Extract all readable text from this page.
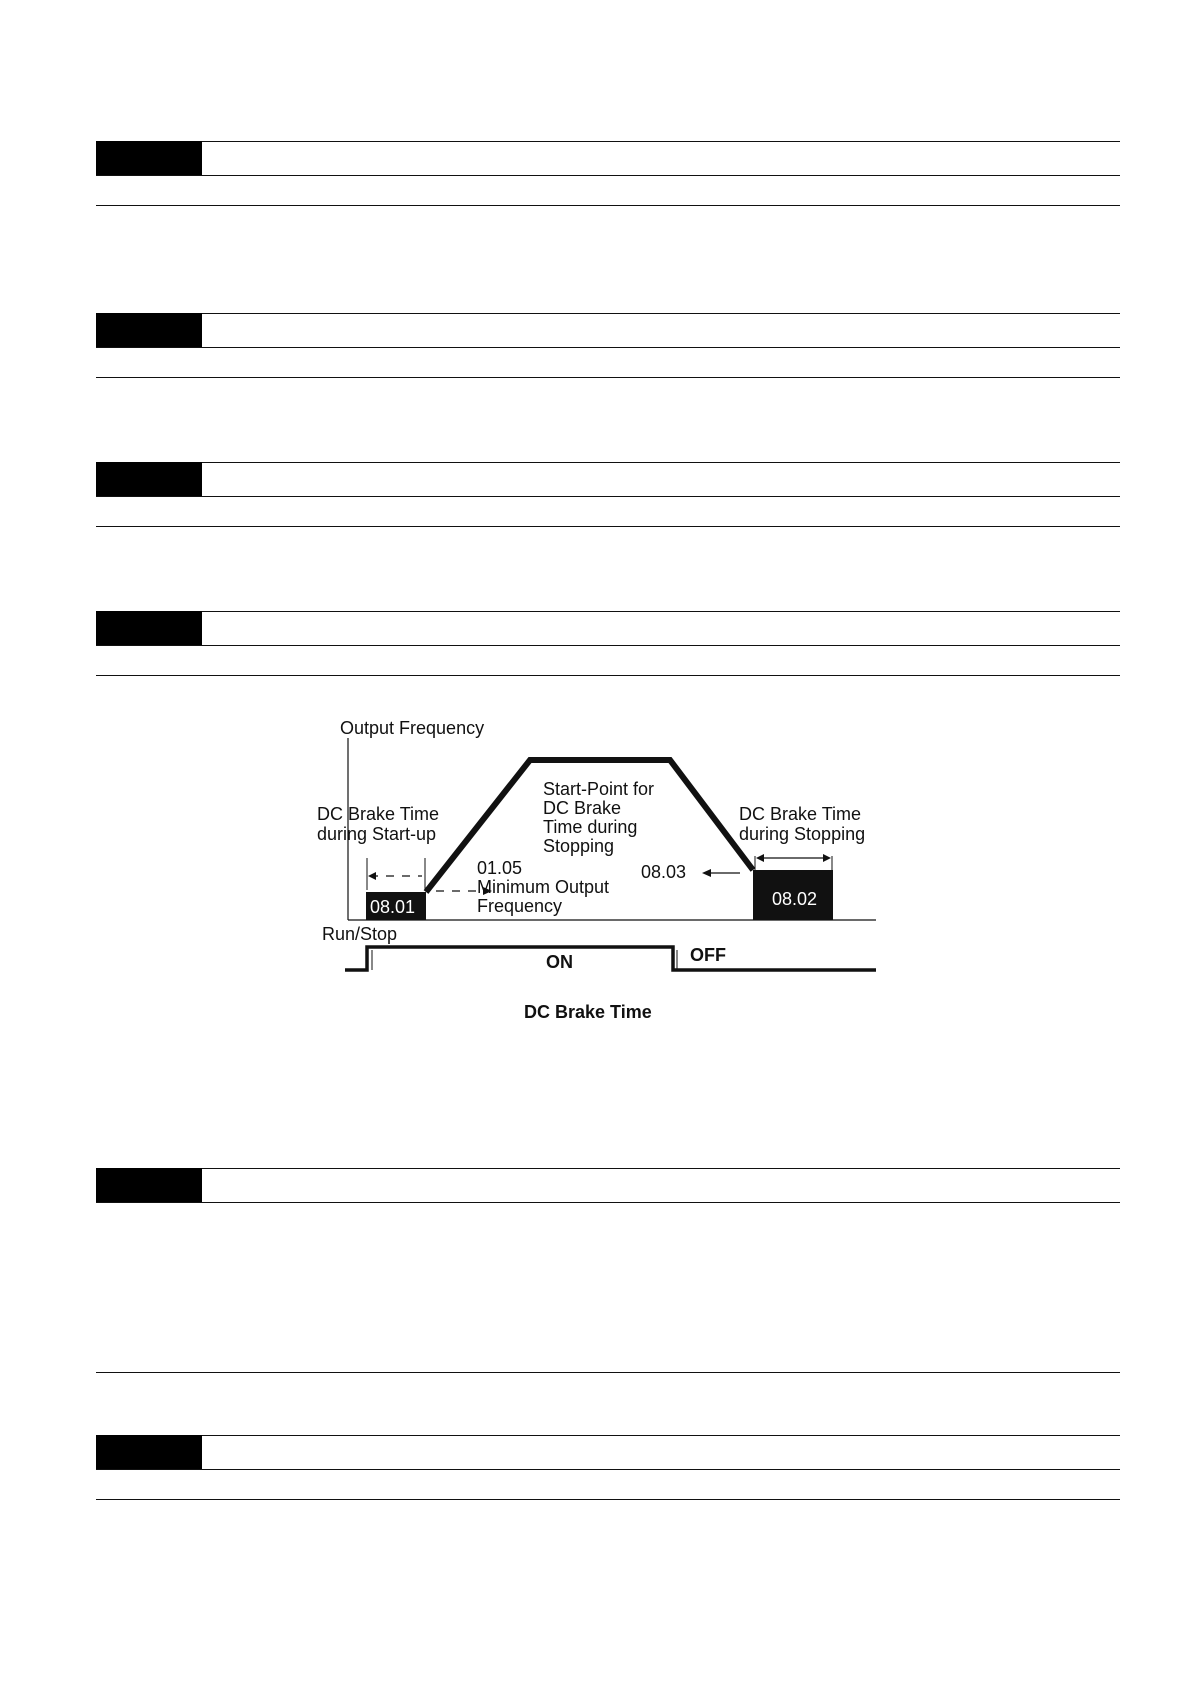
08.01	08.02
Output Frequency
DC Brake Time
during Start-up
Start-Point for
DC Brake
Time during
Stopping
DC Brake Time
during Stopping
01.05
Minimum Output
Frequency
08.03
Run/Stop
ON	OFF
DC Brake Time
